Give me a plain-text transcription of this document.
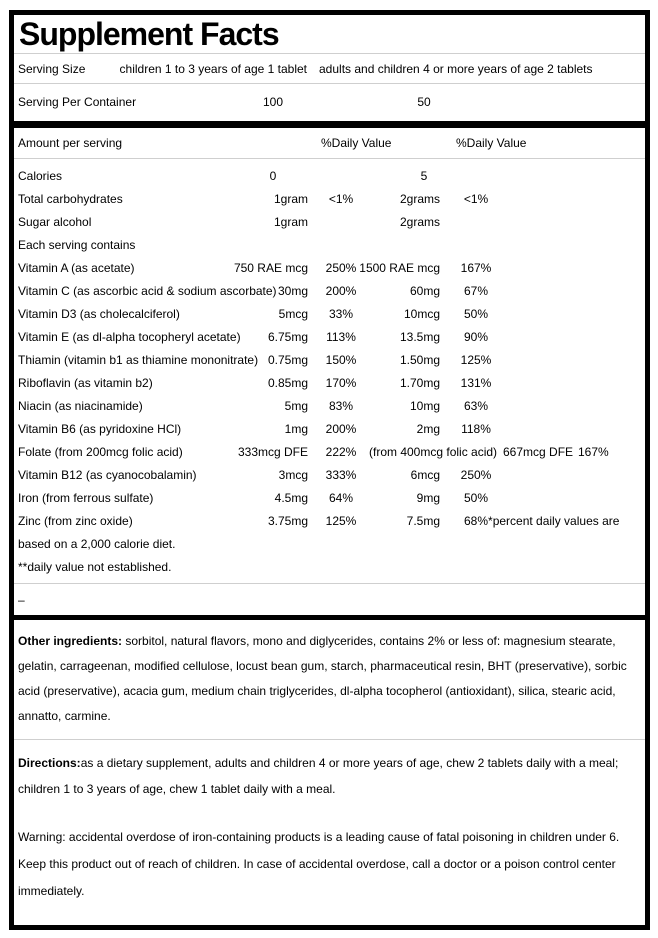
Supplement Facts
Serving Size	children 1 to 3 years of age 1 tablet adults and children 4 or more years of age 2 tablets
Serving Per Container	100	50
Amount per serving	%Daily Value	%Daily Value
Calories	0	5
Total carbohydrates	1gram	<1%	2grams	<1%
Sugar alcohol	1gram	2grams
Each serving contains
Vitamin A (as acetate)	750 RAE mcg	250% 1500 RAE mcg	167%
Vitamin C (as ascorbic acid & sodium ascorbate) 30mg	200%	60mg	67%
Vitamin D3 (as cholecalciferol)	5mcg	33%	10mcg	50%
Vitamin E (as dl-alpha tocopheryl acetate)	6.75mg	113%	13.5mg	90%
Thiamin (vitamin b1 as thiamine mononitrate) 0.75mg	150%	1.50mg	125%
Riboflavin (as vitamin b2)	0.85mg	170%	1.70mg	131%
Niacin (as niacinamide)	5mg	83%	10mg	63%
Vitamin B6 (as pyridoxine HCl)	1mg	200%	2mg	118%
Folate (from 200mcg folic acid)	333mcg DFE	222%	(from 400mcg folic acid) 667mcg DFE 167%
Vitamin B12 (as cyanocobalamin)	3mcg	333%	6mcg	250%
Iron (from ferrous sulfate)	4.5mg	64%	9mg	50%
Zinc (from zinc oxide)	3.75mg	125%	7.5mg 68%*percent daily values are
based on a 2,000 calorie diet.
**daily value not established.
–

Other ingredients: sorbitol, natural flavors, mono and diglycerides, contains 2% or less of: magnesium stearate, gelatin, carrageenan, modified cellulose, locust bean gum, starch, pharmaceutical resin, BHT (preservative), sorbic acid (preservative), acacia gum, medium chain triglycerides, dl-alpha tocopherol (antioxidant), silica, stearic acid, annatto, carmine.

Directions:as a dietary supplement, adults and children 4 or more years of age, chew 2 tablets daily with a meal; children 1 to 3 years of age, chew 1 tablet daily with a meal.

Warning: accidental overdose of iron-containing products is a leading cause of fatal poisoning in children under 6. Keep this product out of reach of children. In case of accidental overdose, call a doctor or a poison control center immediately.
